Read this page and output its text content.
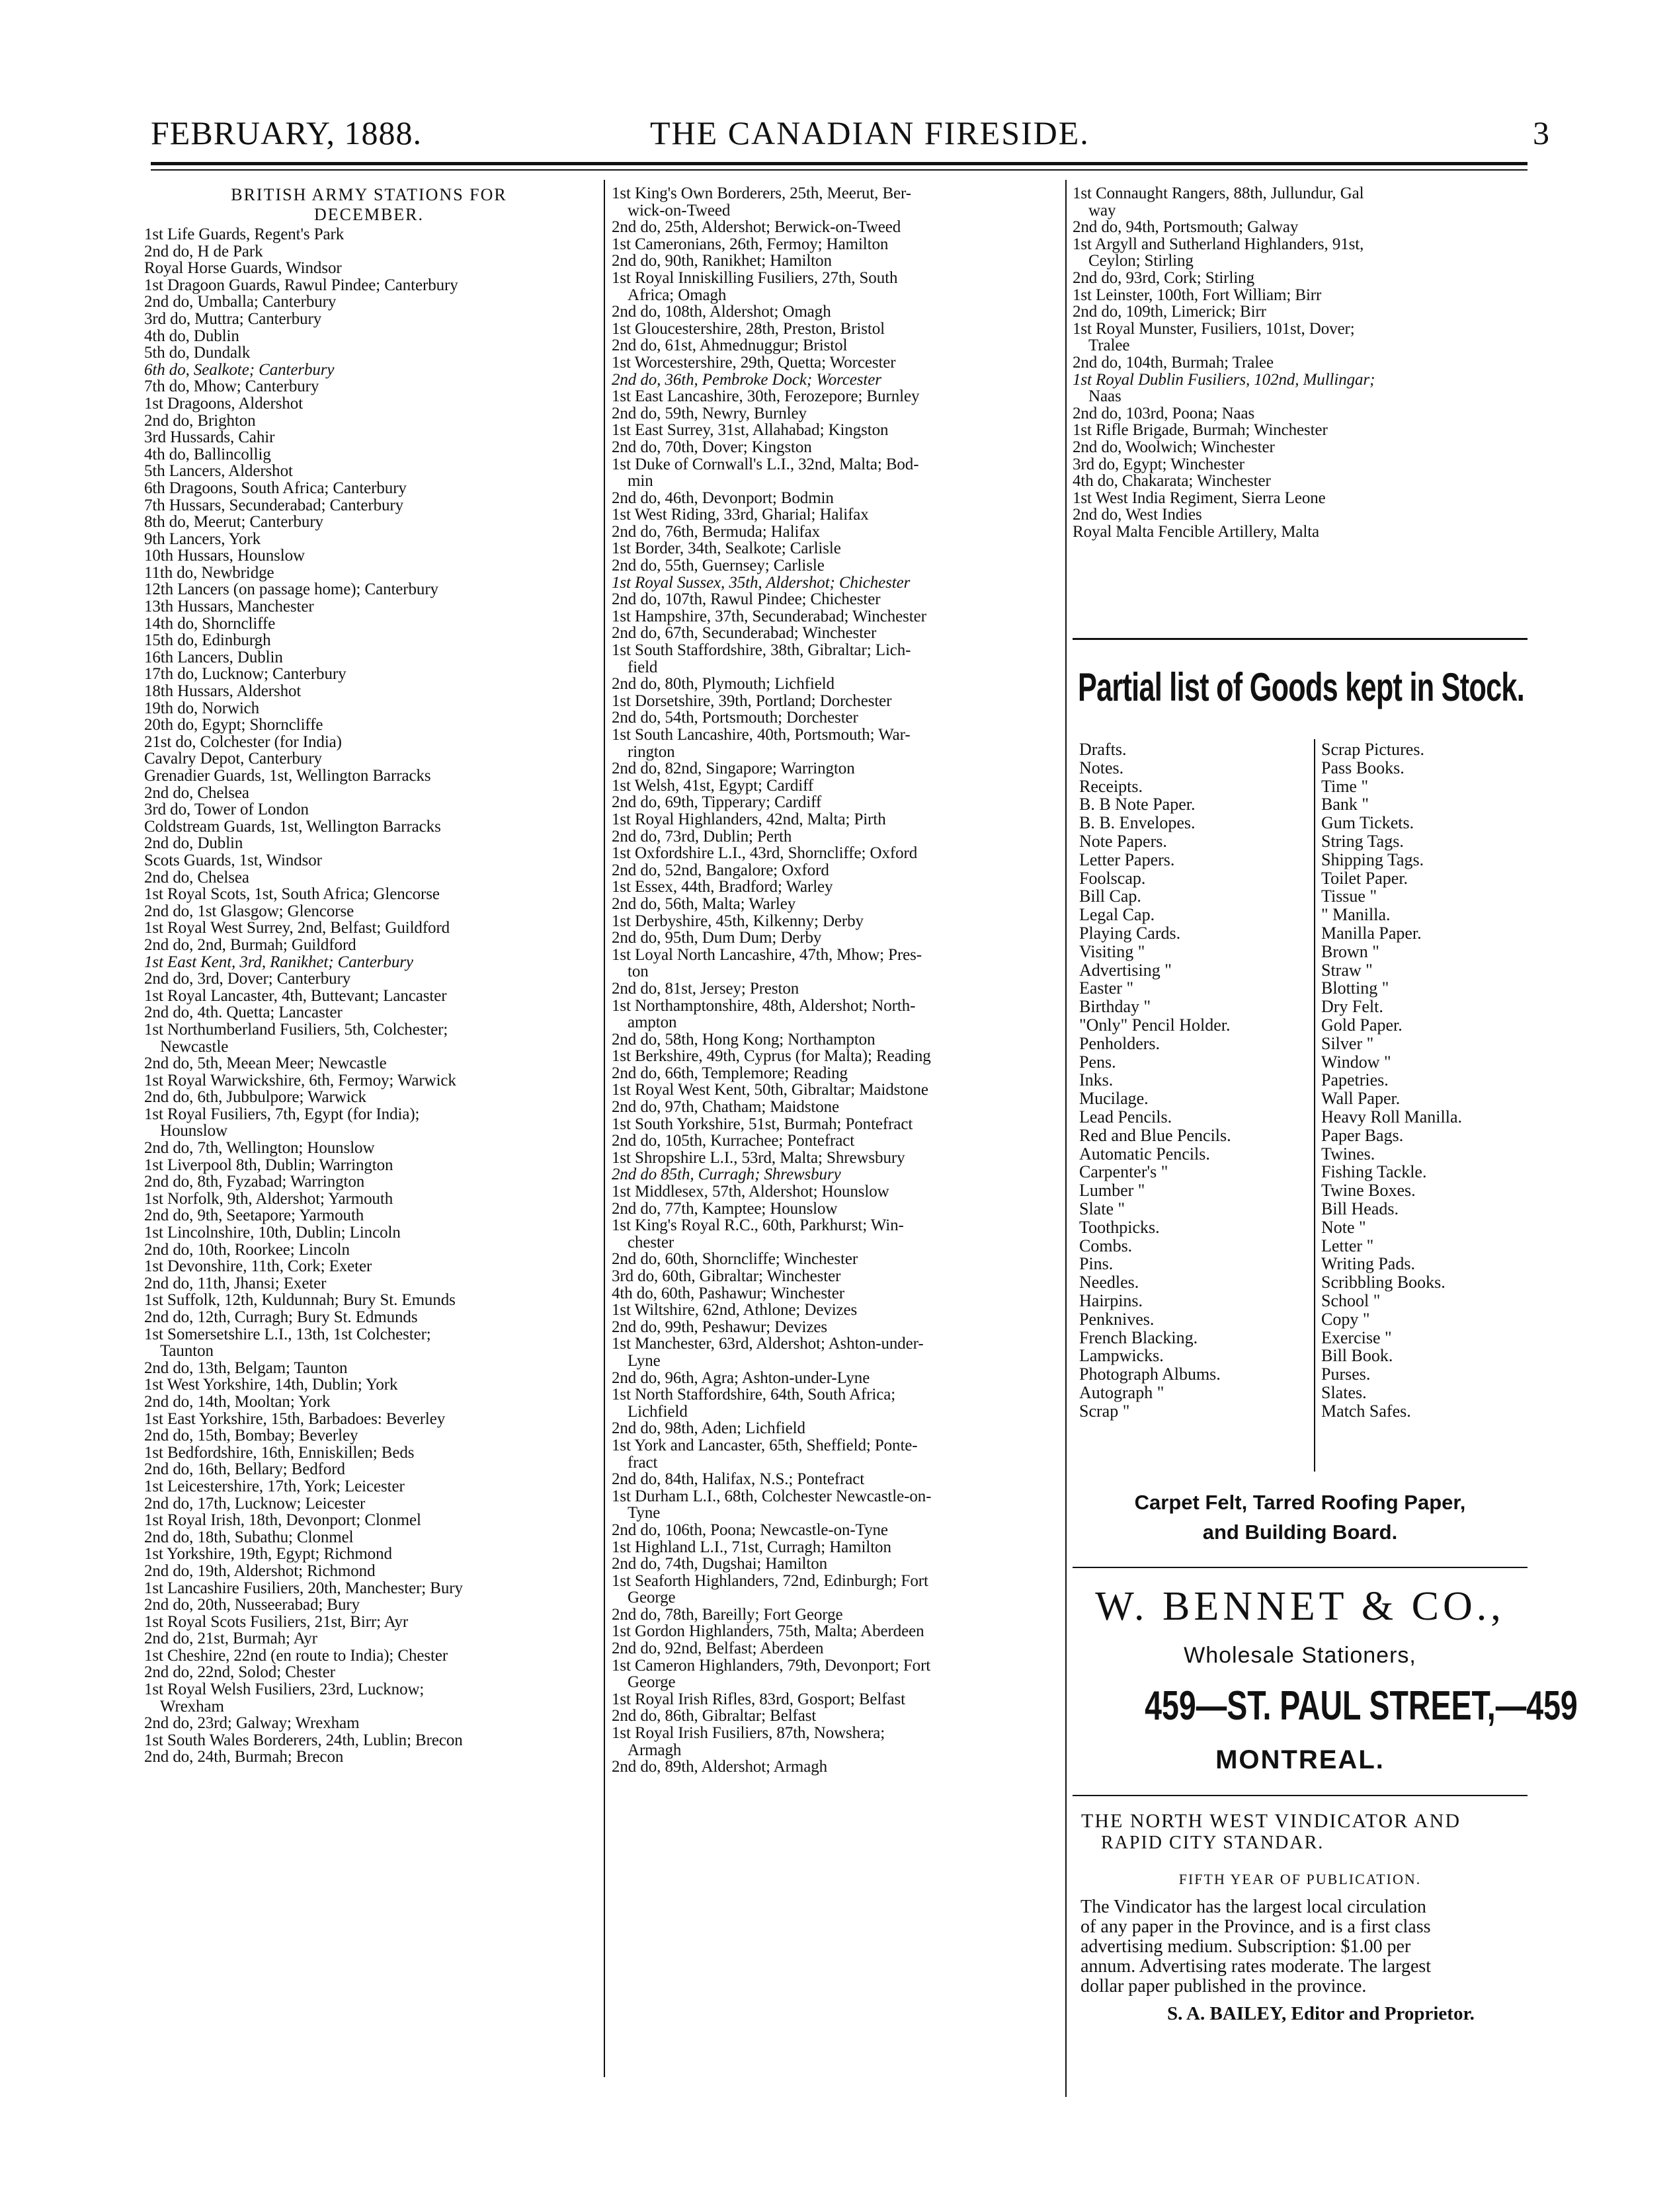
FEBRUARY, 1888.	THE CANADIAN FIRESIDE.	3
BRITISH ARMY STATIONS FOR
DECEMBER.
1st Life Guards, Regent's Park
2nd do, H de Park
Royal Horse Guards, Windsor
1st Dragoon Guards, Rawul Pindee; Canterbury
2nd do, Umballa; Canterbury
3rd do, Muttra; Canterbury
4th do, Dublin
5th do, Dundalk
6th do, Sealkote; Canterbury
7th do, Mhow; Canterbury
1st Dragoons, Aldershot
2nd do, Brighton
3rd Hussards, Cahir
4th do, Ballincollig
5th Lancers, Aldershot
6th Dragoons, South Africa; Canterbury
7th Hussars, Secunderabad; Canterbury
8th do, Meerut; Canterbury
9th Lancers, York
10th Hussars, Hounslow
11th do, Newbridge
12th Lancers (on passage home); Canterbury
13th Hussars, Manchester
14th do, Shorncliffe
15th do, Edinburgh
16th Lancers, Dublin
17th do, Lucknow; Canterbury
18th Hussars, Aldershot
19th do, Norwich
20th do, Egypt; Shorncliffe
21st do, Colchester (for India)
Cavalry Depot, Canterbury
Grenadier Guards, 1st, Wellington Barracks
2nd do, Chelsea
3rd do, Tower of London
Coldstream Guards, 1st, Wellington Barracks
2nd do, Dublin
Scots Guards, 1st, Windsor
2nd do, Chelsea
1st Royal Scots, 1st, South Africa; Glencorse
2nd do, 1st Glasgow; Glencorse
1st Royal West Surrey, 2nd, Belfast; Guildford
2nd do, 2nd, Burmah; Guildford
1st East Kent, 3rd, Ranikhet; Canterbury
2nd do, 3rd, Dover; Canterbury
1st Royal Lancaster, 4th, Buttevant; Lancaster
2nd do, 4th. Quetta; Lancaster
1st Northumberland Fusiliers, 5th, Colchester;
Newcastle
2nd do, 5th, Meean Meer; Newcastle
1st Royal Warwickshire, 6th, Fermoy; Warwick
2nd do, 6th, Jubbulpore; Warwick
1st Royal Fusiliers, 7th, Egypt (for India);
Hounslow
2nd do, 7th, Wellington; Hounslow
1st Liverpool 8th, Dublin; Warrington
2nd do, 8th, Fyzabad; Warrington
1st Norfolk, 9th, Aldershot; Yarmouth
2nd do, 9th, Seetapore; Yarmouth
1st Lincolnshire, 10th, Dublin; Lincoln
2nd do, 10th, Roorkee; Lincoln
1st Devonshire, 11th, Cork; Exeter
2nd do, 11th, Jhansi; Exeter
1st Suffolk, 12th, Kuldunnah; Bury St. Emunds
2nd do, 12th, Curragh; Bury St. Edmunds
1st Somersetshire L.I., 13th, 1st Colchester;
Taunton
2nd do, 13th, Belgam; Taunton
1st West Yorkshire, 14th, Dublin; York
2nd do, 14th, Mooltan; York
1st East Yorkshire, 15th, Barbadoes: Beverley
2nd do, 15th, Bombay; Beverley
1st Bedfordshire, 16th, Enniskillen; Beds
2nd do, 16th, Bellary; Bedford
1st Leicestershire, 17th, York; Leicester
2nd do, 17th, Lucknow; Leicester
1st Royal Irish, 18th, Devonport; Clonmel
2nd do, 18th, Subathu; Clonmel
1st Yorkshire, 19th, Egypt; Richmond
2nd do, 19th, Aldershot; Richmond
1st Lancashire Fusiliers, 20th, Manchester; Bury
2nd do, 20th, Nusseerabad; Bury
1st Royal Scots Fusiliers, 21st, Birr; Ayr
2nd do, 21st, Burmah; Ayr
1st Cheshire, 22nd (en route to India); Chester
2nd do, 22nd, Solod; Chester
1st Royal Welsh Fusiliers, 23rd, Lucknow;
Wrexham
2nd do, 23rd; Galway; Wrexham
1st South Wales Borderers, 24th, Lublin; Brecon
2nd do, 24th, Burmah; Brecon
1st King's Own Borderers, 25th, Meerut, Ber-
wick-on-Tweed
2nd do, 25th, Aldershot; Berwick-on-Tweed
1st Cameronians, 26th, Fermoy; Hamilton
2nd do, 90th, Ranikhet; Hamilton
1st Royal Inniskilling Fusiliers, 27th, South
Africa; Omagh
2nd do, 108th, Aldershot; Omagh
1st Gloucestershire, 28th, Preston, Bristol
2nd do, 61st, Ahmednuggur; Bristol
1st Worcestershire, 29th, Quetta; Worcester
2nd do, 36th, Pembroke Dock; Worcester
1st East Lancashire, 30th, Ferozepore; Burnley
2nd do, 59th, Newry, Burnley
1st East Surrey, 31st, Allahabad; Kingston
2nd do, 70th, Dover; Kingston
1st Duke of Cornwall's L.I., 32nd, Malta; Bod-
min
2nd do, 46th, Devonport; Bodmin
1st West Riding, 33rd, Gharial; Halifax
2nd do, 76th, Bermuda; Halifax
1st Border, 34th, Sealkote; Carlisle
2nd do, 55th, Guernsey; Carlisle
1st Royal Sussex, 35th, Aldershot; Chichester
2nd do, 107th, Rawul Pindee; Chichester
1st Hampshire, 37th, Secunderabad; Winchester
2nd do, 67th, Secunderabad; Winchester
1st South Staffordshire, 38th, Gibraltar; Lich-
field
2nd do, 80th, Plymouth; Lichfield
1st Dorsetshire, 39th, Portland; Dorchester
2nd do, 54th, Portsmouth; Dorchester
1st South Lancashire, 40th, Portsmouth; War-
rington
2nd do, 82nd, Singapore; Warrington
1st Welsh, 41st, Egypt; Cardiff
2nd do, 69th, Tipperary; Cardiff
1st Royal Highlanders, 42nd, Malta; Pirth
2nd do, 73rd, Dublin; Perth
1st Oxfordshire L.I., 43rd, Shorncliffe; Oxford
2nd do, 52nd, Bangalore; Oxford
1st Essex, 44th, Bradford; Warley
2nd do, 56th, Malta; Warley
1st Derbyshire, 45th, Kilkenny; Derby
2nd do, 95th, Dum Dum; Derby
1st Loyal North Lancashire, 47th, Mhow; Pres-
ton
2nd do, 81st, Jersey; Preston
1st Northamptonshire, 48th, Aldershot; North-
ampton
2nd do, 58th, Hong Kong; Northampton
1st Berkshire, 49th, Cyprus (for Malta); Reading
2nd do, 66th, Templemore; Reading
1st Royal West Kent, 50th, Gibraltar; Maidstone
2nd do, 97th, Chatham; Maidstone
1st South Yorkshire, 51st, Burmah; Pontefract
2nd do, 105th, Kurrachee; Pontefract
1st Shropshire L.I., 53rd, Malta; Shrewsbury
2nd do 85th, Curragh; Shrewsbury
1st Middlesex, 57th, Aldershot; Hounslow
2nd do, 77th, Kamptee; Hounslow
1st King's Royal R.C., 60th, Parkhurst; Win-
chester
2nd do, 60th, Shorncliffe; Winchester
3rd do, 60th, Gibraltar; Winchester
4th do, 60th, Pashawur; Winchester
1st Wiltshire, 62nd, Athlone; Devizes
2nd do, 99th, Peshawur; Devizes
1st Manchester, 63rd, Aldershot; Ashton-under-
Lyne
2nd do, 96th, Agra; Ashton-under-Lyne
1st North Staffordshire, 64th, South Africa;
Lichfield
2nd do, 98th, Aden; Lichfield
1st York and Lancaster, 65th, Sheffield; Ponte-
fract
2nd do, 84th, Halifax, N.S.; Pontefract
1st Durham L.I., 68th, Colchester Newcastle-on-
Tyne
2nd do, 106th, Poona; Newcastle-on-Tyne
1st Highland L.I., 71st, Curragh; Hamilton
2nd do, 74th, Dugshai; Hamilton
1st Seaforth Highlanders, 72nd, Edinburgh; Fort
George
2nd do, 78th, Bareilly; Fort George
1st Gordon Highlanders, 75th, Malta; Aberdeen
2nd do, 92nd, Belfast; Aberdeen
1st Cameron Highlanders, 79th, Devonport; Fort
George
1st Royal Irish Rifles, 83rd, Gosport; Belfast
2nd do, 86th, Gibraltar; Belfast
1st Royal Irish Fusiliers, 87th, Nowshera;
Armagh
2nd do, 89th, Aldershot; Armagh
1st Connaught Rangers, 88th, Jullundur, Gal
way
2nd do, 94th, Portsmouth; Galway
1st Argyll and Sutherland Highlanders, 91st,
Ceylon; Stirling
2nd do, 93rd, Cork; Stirling
1st Leinster, 100th, Fort William; Birr
2nd do, 109th, Limerick; Birr
1st Royal Munster, Fusiliers, 101st, Dover;
Tralee
2nd do, 104th, Burmah; Tralee
1st Royal Dublin Fusiliers, 102nd, Mullingar;
Naas
2nd do, 103rd, Poona; Naas
1st Rifle Brigade, Burmah; Winchester
2nd do, Woolwich; Winchester
3rd do, Egypt; Winchester
4th do, Chakarata; Winchester
1st West India Regiment, Sierra Leone
2nd do, West Indies
Royal Malta Fencible Artillery, Malta
Partial list of Goods kept in Stock.
Drafts.
Notes.
Receipts.
B. B Note Paper.
B. B. Envelopes.
Note Papers.
Letter Papers.
Foolscap.
Bill Cap.
Legal Cap.
Playing Cards.
Visiting "
Advertising "
Easter "
Birthday "
"Only" Pencil Holder.
Penholders.
Pens.
Inks.
Mucilage.
Lead Pencils.
Red and Blue Pencils.
Automatic Pencils.
Carpenter's "
Lumber "
Slate "
Toothpicks.
Combs.
Pins.
Needles.
Hairpins.
Penknives.
French Blacking.
Lampwicks.
Photograph Albums.
Autograph "
Scrap "
Scrap Pictures.
Pass Books.
Time "
Bank "
Gum Tickets.
String Tags.
Shipping Tags.
Toilet Paper.
Tissue "
" Manilla.
Manilla Paper.
Brown "
Straw "
Blotting "
Dry Felt.
Gold Paper.
Silver "
Window "
Papetries.
Wall Paper.
Heavy Roll Manilla.
Paper Bags.
Twines.
Fishing Tackle.
Twine Boxes.
Bill Heads.
Note "
Letter "
Writing Pads.
Scribbling Books.
School "
Copy "
Exercise "
Bill Book.
Purses.
Slates.
Match Safes.
Carpet Felt, Tarred Roofing Paper,
and Building Board.
W. BENNET & CO.,
Wholesale Stationers,
459—ST. PAUL STREET,—459
MONTREAL.
THE NORTH WEST VINDICATOR AND
RAPID CITY STANDAR.
FIFTH YEAR OF PUBLICATION.
The Vindicator has the largest local circulation
of any paper in the Province, and is a first class
advertising medium. Subscription: $1.00 per
annum. Advertising rates moderate. The largest
dollar paper published in the province.
S. A. BAILEY, Editor and Proprietor.
